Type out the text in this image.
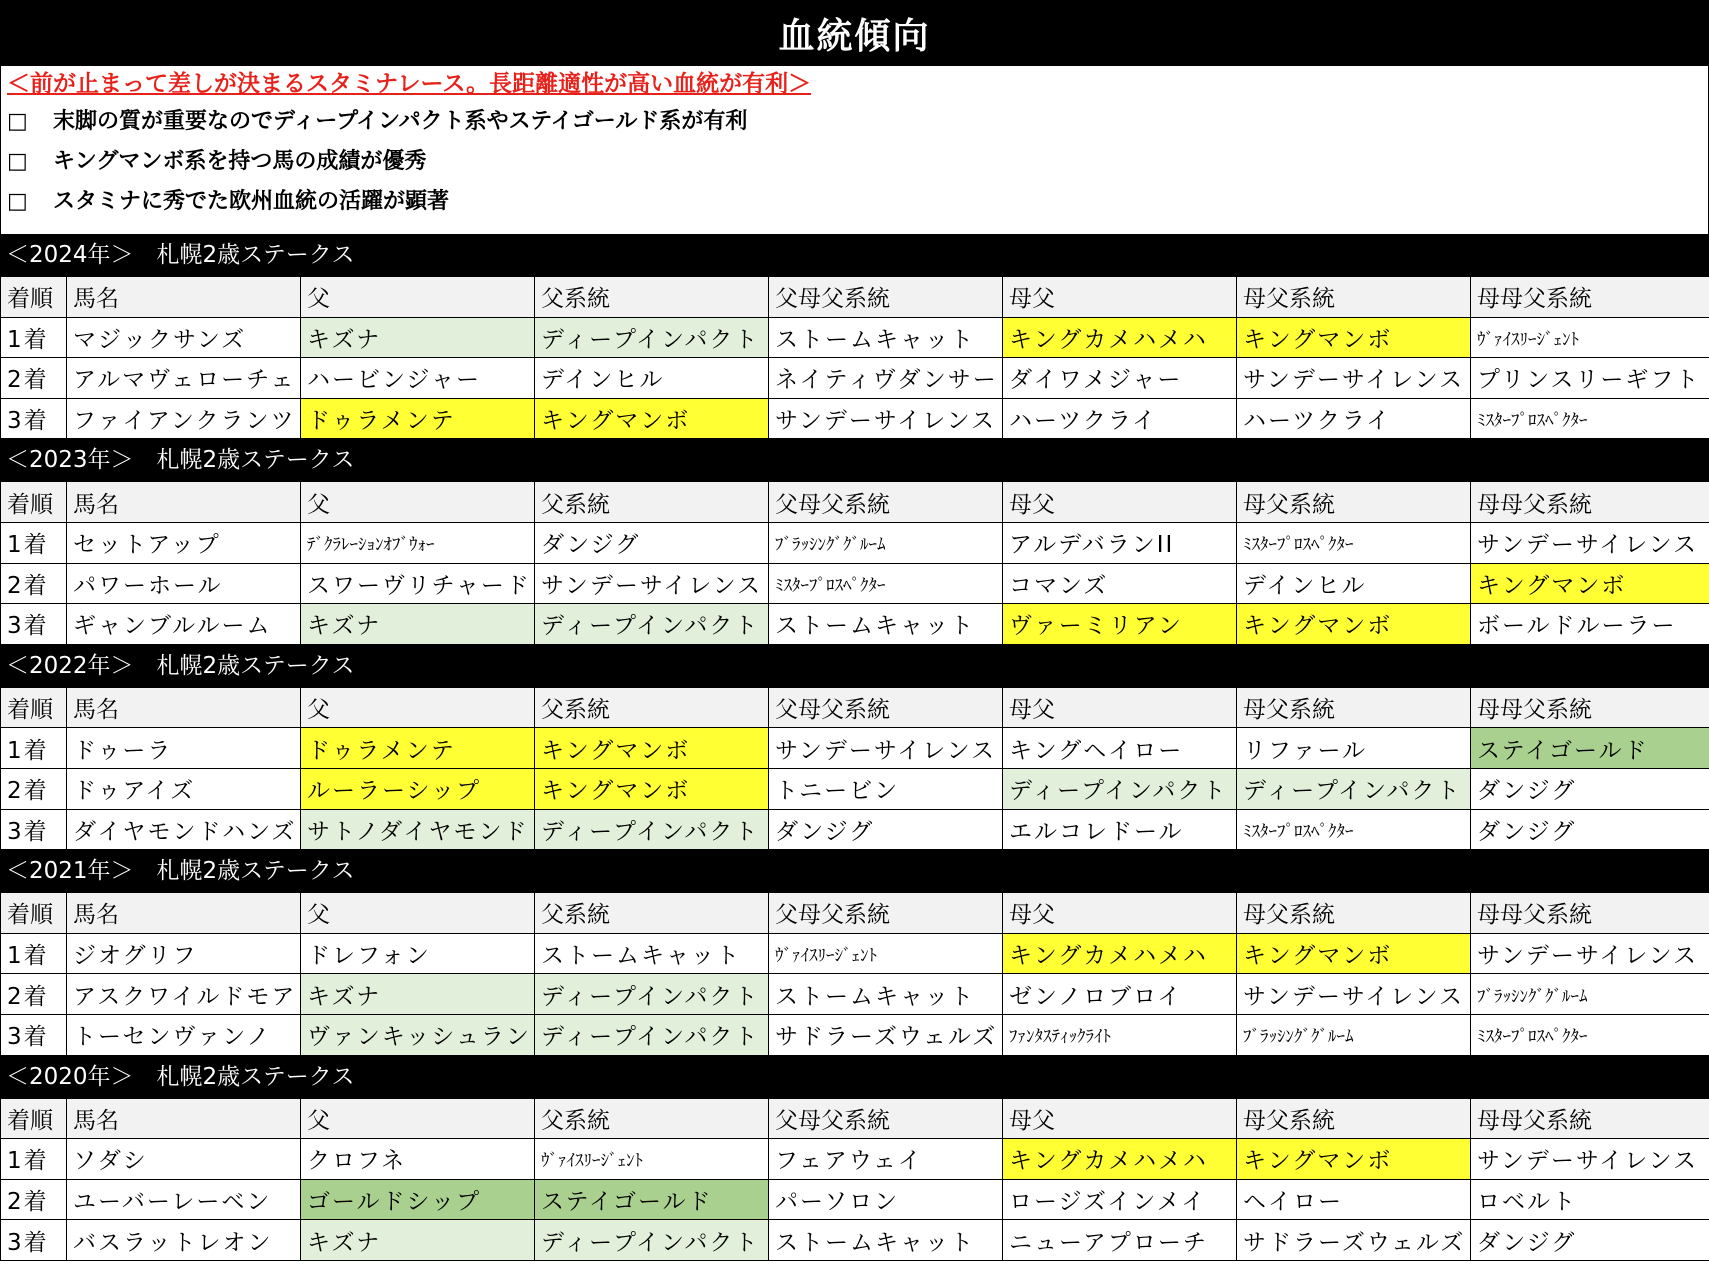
血統傾向
＜前が止まって差しが決まるスタミナレース。長距離適性が高い血統が有利＞
□	末脚の質が重要なのでディープインパクト系やステイゴールド系が有利
□	キングマンボ系を持つ馬の成績が優秀
□	スタミナに秀でた欧州血統の活躍が顕著
＜2024年＞　札幌2歳ステークス
着順	馬名	父	父系統	父母父系統	母父	母父系統	母母父系統
1着	マジックサンズ	キズナ	ディープインパクト	ストームキャット	キングカメハメハ	キングマンボ	ｳﾞｧｲｽﾘｰｼﾞｪﾝﾄ
2着	アルマヴェローチェ	ハービンジャー	デインヒル	ネイティヴダンサー	ダイワメジャー	サンデーサイレンス	プリンスリーギフト
3着	ファイアンクランツ	ドゥラメンテ	キングマンボ	サンデーサイレンス	ハーツクライ	ハーツクライ	ﾐｽﾀｰﾌﾟﾛｽﾍﾟｸﾀｰ
＜2023年＞　札幌2歳ステークス
着順	馬名	父	父系統	父母父系統	母父	母父系統	母母父系統
1着	セットアップ	ﾃﾞｸﾗﾚｰｼｮﾝｵﾌﾞｳｫｰ	ダンジグ	ﾌﾞﾗｯｼﾝｸﾞｸﾞﾙｰﾑ	アルデバランII	ﾐｽﾀｰﾌﾟﾛｽﾍﾟｸﾀｰ	サンデーサイレンス
2着	パワーホール	スワーヴリチャード	サンデーサイレンス	ﾐｽﾀｰﾌﾟﾛｽﾍﾟｸﾀｰ	コマンズ	デインヒル	キングマンボ
3着	ギャンブルルーム	キズナ	ディープインパクト	ストームキャット	ヴァーミリアン	キングマンボ	ボールドルーラー
＜2022年＞　札幌2歳ステークス
着順	馬名	父	父系統	父母父系統	母父	母父系統	母母父系統
1着	ドゥーラ	ドゥラメンテ	キングマンボ	サンデーサイレンス	キングヘイロー	リファール	ステイゴールド
2着	ドゥアイズ	ルーラーシップ	キングマンボ	トニービン	ディープインパクト	ディープインパクト	ダンジグ
3着	ダイヤモンドハンズ	サトノダイヤモンド	ディープインパクト	ダンジグ	エルコレドール	ﾐｽﾀｰﾌﾟﾛｽﾍﾟｸﾀｰ	ダンジグ
＜2021年＞　札幌2歳ステークス
着順	馬名	父	父系統	父母父系統	母父	母父系統	母母父系統
1着	ジオグリフ	ドレフォン	ストームキャット	ｳﾞｧｲｽﾘｰｼﾞｪﾝﾄ	キングカメハメハ	キングマンボ	サンデーサイレンス
2着	アスクワイルドモア	キズナ	ディープインパクト	ストームキャット	ゼンノロブロイ	サンデーサイレンス	ﾌﾞﾗｯｼﾝｸﾞｸﾞﾙｰﾑ
3着	トーセンヴァンノ	ヴァンキッシュラン	ディープインパクト	サドラーズウェルズ	ﾌｧﾝﾀｽﾃｨｯｸﾗｲﾄ	ﾌﾞﾗｯｼﾝｸﾞｸﾞﾙｰﾑ	ﾐｽﾀｰﾌﾟﾛｽﾍﾟｸﾀｰ
＜2020年＞　札幌2歳ステークス
着順	馬名	父	父系統	父母父系統	母父	母父系統	母母父系統
1着	ソダシ	クロフネ	ｳﾞｧｲｽﾘｰｼﾞｪﾝﾄ	フェアウェイ	キングカメハメハ	キングマンボ	サンデーサイレンス
2着	ユーバーレーベン	ゴールドシップ	ステイゴールド	パーソロン	ロージズインメイ	ヘイロー	ロベルト
3着	バスラットレオン	キズナ	ディープインパクト	ストームキャット	ニューアプローチ	サドラーズウェルズ	ダンジグ
